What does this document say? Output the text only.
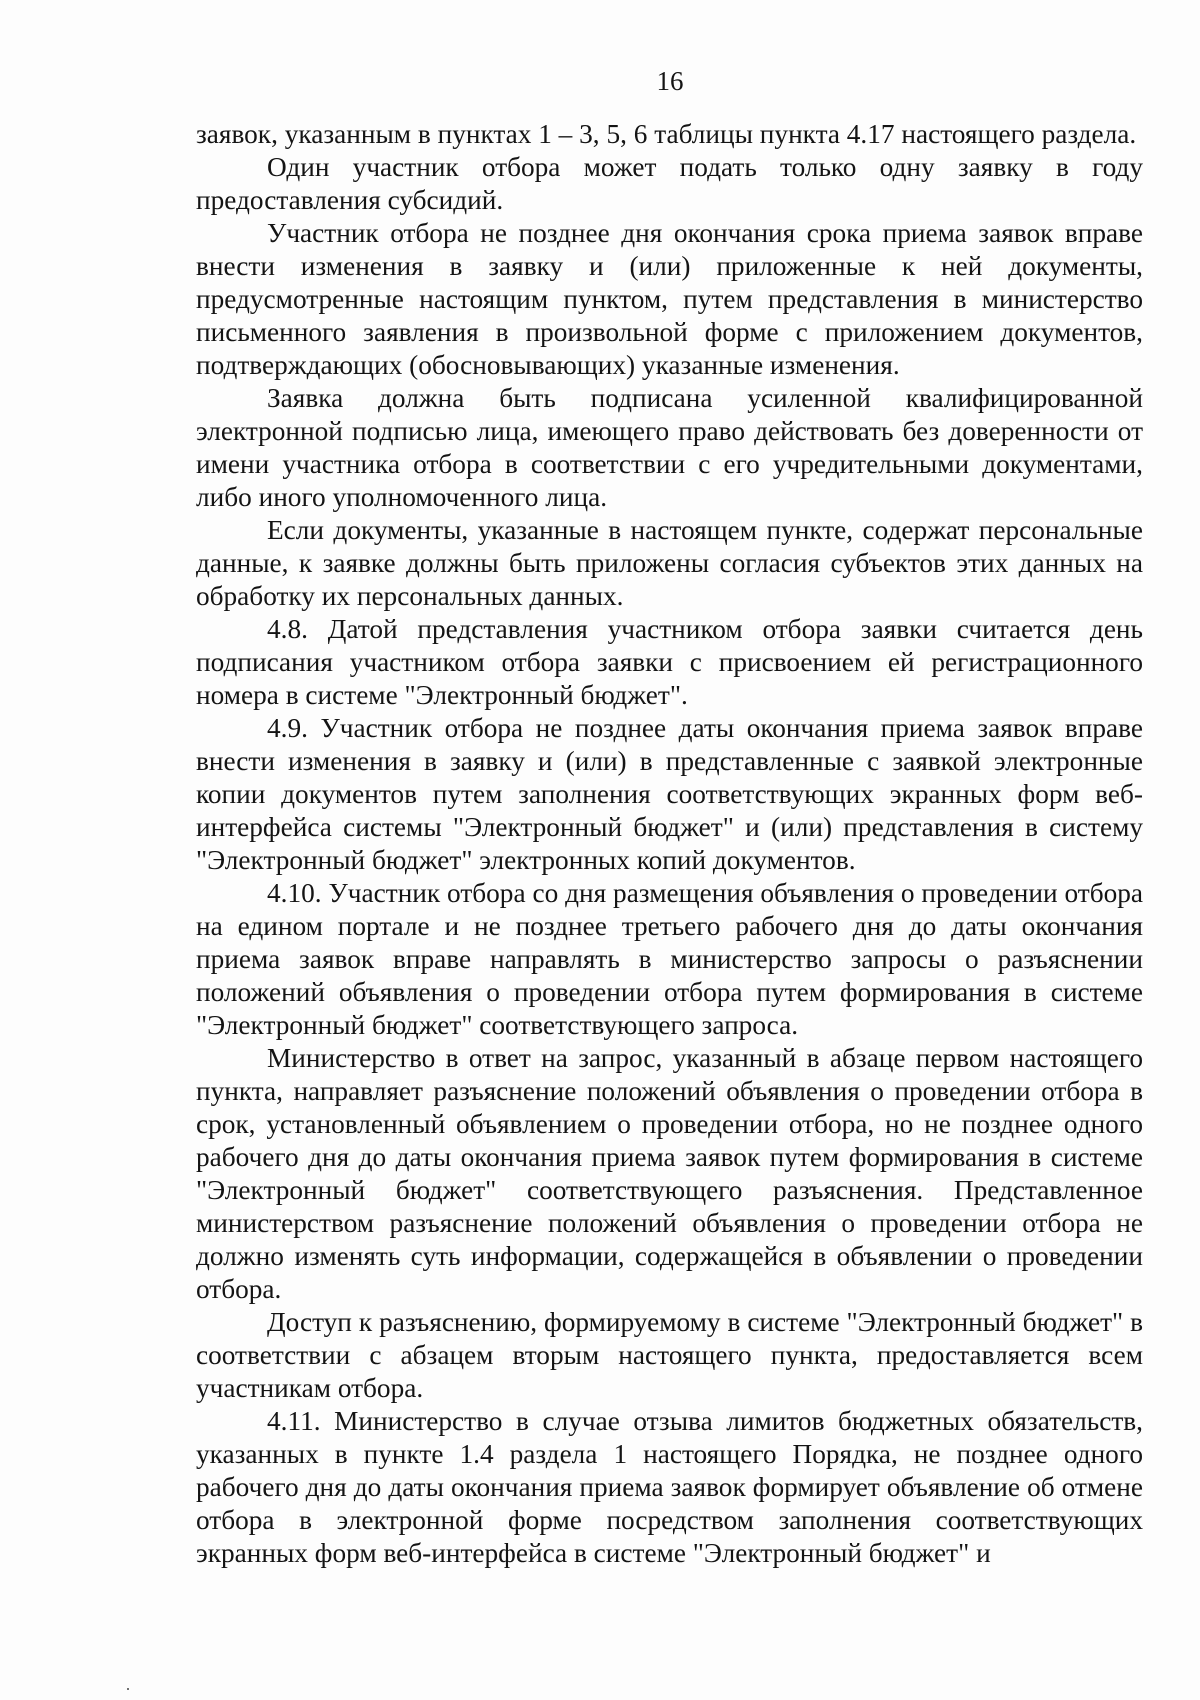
16

заявок, указанным в пунктах 1 – 3, 5, 6 таблицы пункта 4.17 настоящего раздела.

Один участник отбора может подать только одну заявку в году предоставления субсидий.

Участник отбора не позднее дня окончания срока приема заявок вправе внести изменения в заявку и (или) приложенные к ней документы, предусмотренные настоящим пунктом, путем представления в министерство письменного заявления в произвольной форме с приложением документов, подтверждающих (обосновывающих) указанные изменения.

Заявка должна быть подписана усиленной квалифицированной электронной подписью лица, имеющего право действовать без доверенности от имени участника отбора в соответствии с его учредительными документами, либо иного уполномоченного лица.

Если документы, указанные в настоящем пункте, содержат персональные данные, к заявке должны быть приложены согласия субъектов этих данных на обработку их персональных данных.

4.8. Датой представления участником отбора заявки считается день подписания участником отбора заявки с присвоением ей регистрационного номера в системе "Электронный бюджет".

4.9. Участник отбора не позднее даты окончания приема заявок вправе внести изменения в заявку и (или) в представленные с заявкой электронные копии документов путем заполнения соответствующих экранных форм веб-интерфейса системы "Электронный бюджет" и (или) представления в систему "Электронный бюджет" электронных копий документов.

4.10. Участник отбора со дня размещения объявления о проведении отбора на едином портале и не позднее третьего рабочего дня до даты окончания приема заявок вправе направлять в министерство запросы о разъяснении положений объявления о проведении отбора путем формирования в системе "Электронный бюджет" соответствующего запроса.

Министерство в ответ на запрос, указанный в абзаце первом настоящего пункта, направляет разъяснение положений объявления о проведении отбора в срок, установленный объявлением о проведении отбора, но не позднее одного рабочего дня до даты окончания приема заявок путем формирования в системе "Электронный бюджет" соответствующего разъяснения. Представленное министерством разъяснение положений объявления о проведении отбора не должно изменять суть информации, содержащейся в объявлении о проведении отбора.

Доступ к разъяснению, формируемому в системе "Электронный бюджет" в соответствии с абзацем вторым настоящего пункта, предоставляется всем участникам отбора.

4.11. Министерство в случае отзыва лимитов бюджетных обязательств, указанных в пункте 1.4 раздела 1 настоящего Порядка, не позднее одного рабочего дня до даты окончания приема заявок формирует объявление об отмене отбора в электронной форме посредством заполнения соответствующих экранных форм веб-интерфейса в системе "Электронный бюджет" и
